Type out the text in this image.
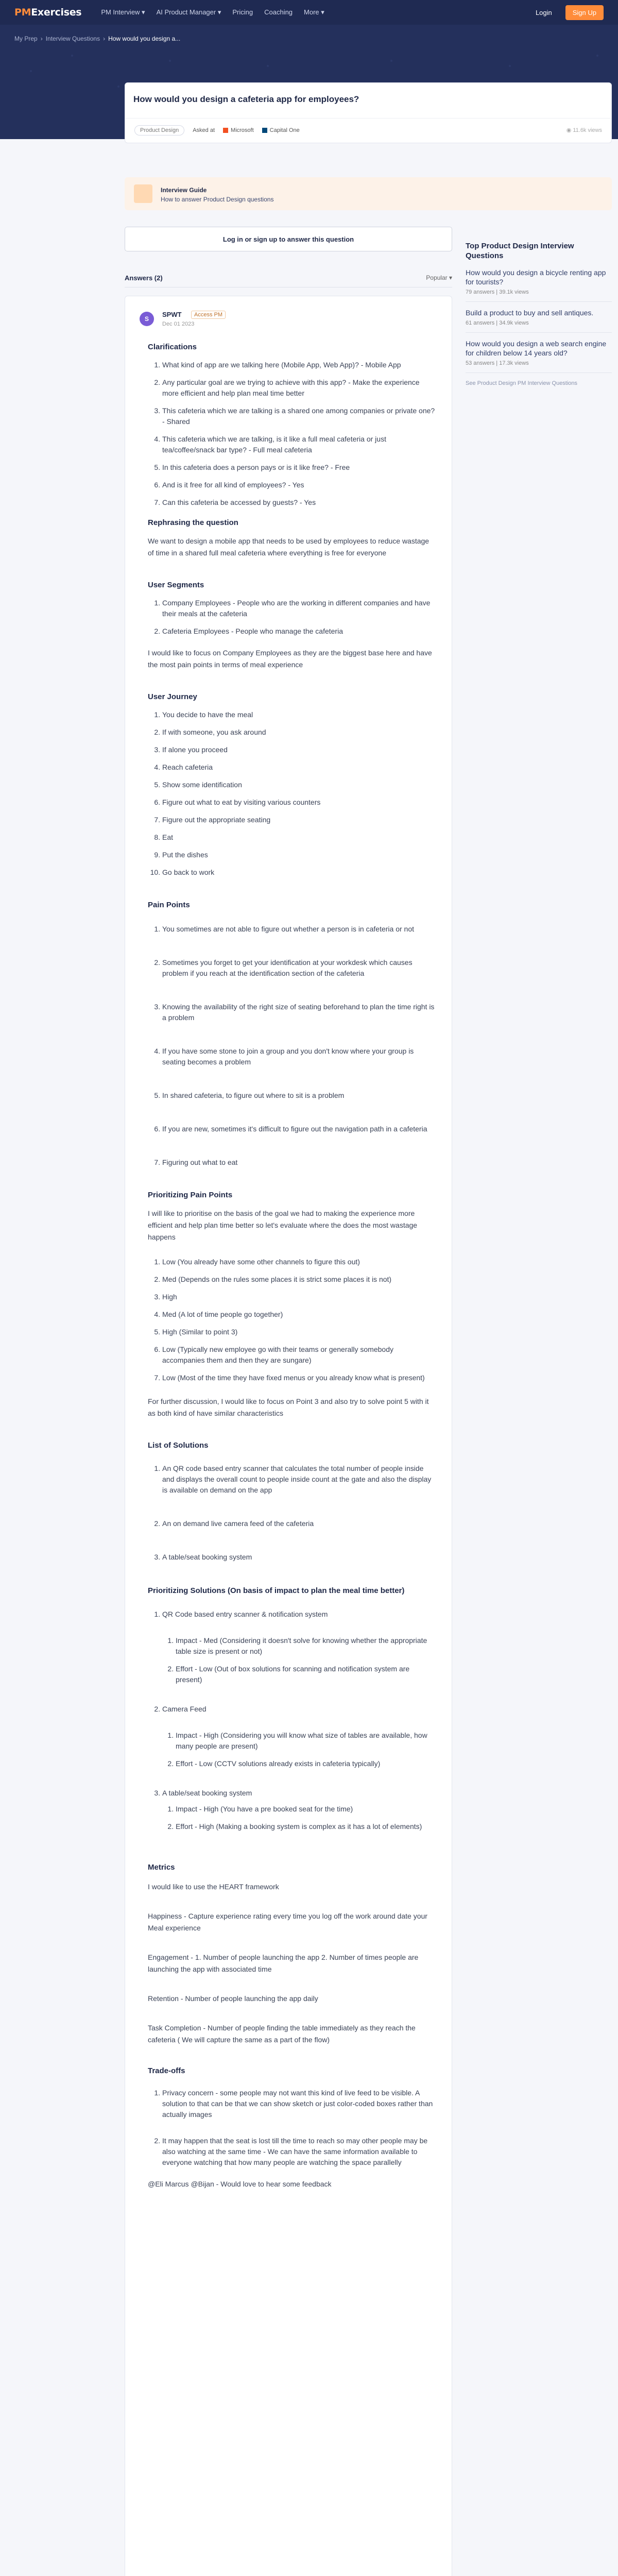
PMExercises	PM Interview ▾ AI Product Manager ▾ Pricing Coaching More ▾	Login	Sign Up
My Prep › Interview Questions › How would you design a...
How would you design a cafeteria app for employees?
Product Design	Asked at	Microsoft	Capital One	◉ 11.6k views
Interview Guide
How to answer Product Design questions
Log in or sign up to answer this question
Answers (2)	Popular ▾
Top Product Design Interview Questions
How would you design a bicycle renting app for tourists?
79 answers | 39.1k views
Build a product to buy and sell antiques.
61 answers | 34.9k views
How would you design a web search engine for children below 14 years old?
53 answers | 17.3k views
See Product Design PM Interview Questions
S
SPWT	Access PM
Dec 01 2023
Clarifications
1. What kind of app are we talking here (Mobile App, Web App)? - Mobile App
2. Any particular goal are we trying to achieve with this app? - Make the experience more efficient and help plan meal time better
3. This cafeteria which we are talking is a shared one among companies or private one? - Shared
4. This cafeteria which we are talking, is it like a full meal cafeteria or just tea/coffee/snack bar type? - Full meal cafeteria
5. In this cafeteria does a person pays or is it like free? - Free
6. And is it free for all kind of employees? - Yes
7. Can this cafeteria be accessed by guests? - Yes
Rephrasing the question
We want to design a mobile app that needs to be used by employees to reduce wastage of time in a shared full meal cafeteria where everything is free for everyone
User Segments
1. Company Employees - People who are the working in different companies and have their meals at the cafeteria
2. Cafeteria Employees - People who manage the cafeteria
I would like to focus on Company Employees as they are the biggest base here and have the most pain points in terms of meal experience
User Journey
1. You decide to have the meal
2. If with someone, you ask around
3. If alone you proceed
4. Reach cafeteria
5. Show some identification
6. Figure out what to eat by visiting various counters
7. Figure out the appropriate seating
8. Eat
9. Put the dishes
10. Go back to work
Pain Points
1. You sometimes are not able to figure out whether a person is in cafeteria or not
2. Sometimes you forget to get your identification at your workdesk which causes problem if you reach at the identification section of the cafeteria
3. Knowing the availability of the right size of seating beforehand to plan the time right is a problem
4. If you have some stone to join a group and you don't know where your group is seating becomes a problem
5. In shared cafeteria, to figure out where to sit is a problem
6. If you are new, sometimes it's difficult to figure out the navigation path in a cafeteria
7. Figuring out what to eat
Prioritizing Pain Points
I will like to prioritise on the basis of the goal we had to making the experience more efficient and help plan time better so let's evaluate where the does the most wastage happens
1. Low (You already have some other channels to figure this out)
2. Med (Depends on the rules some places it is strict some places it is not)
3. High
4. Med (A lot of time people go together)
5. High (Similar to point 3)
6. Low (Typically new employee go with their teams or generally somebody accompanies them and then they are sungare)
7. Low (Most of the time they have fixed menus or you already know what is present)
For further discussion, I would like to focus on Point 3 and also try to solve point 5 with it as both kind of have similar characteristics
List of Solutions
1. An QR code based entry scanner that calculates the total number of people inside and displays the overall count to people inside count at the gate and also the display is available on demand on the app
2. An on demand live camera feed of the cafeteria
3. A table/seat booking system
Prioritizing Solutions (On basis of impact to plan the meal time better)
1. QR Code based entry scanner & notification system
1. Impact - Med (Considering it doesn't solve for knowing whether the appropriate table size is present or not)
2. Effort - Low (Out of box solutions for scanning and notification system are present)
2. Camera Feed
1. Impact - High (Considering you will know what size of tables are available, how many people are present)
2. Effort - Low (CCTV solutions already exists in cafeteria typically)
3. A table/seat booking system
1. Impact - High (You have a pre booked seat for the time)
2. Effort - High (Making a booking system is complex as it has a lot of elements)
Metrics
I would like to use the HEART framework
Happiness - Capture experience rating every time you log off the work around date your Meal experience
Engagement - 1. Number of people launching the app 2. Number of times people are launching the app with associated time
Retention - Number of people launching the app daily
Task Completion - Number of people finding the table immediately as they reach the cafeteria ( We will capture the same as a part of the flow)
Trade-offs
1. Privacy concern - some people may not want this kind of live feed to be visible. A solution to that can be that we can show sketch or just color-coded boxes rather than actually images
2. It may happen that the seat is lost till the time to reach so may other people may be also watching at the same time - We can have the same information available to everyone watching that how many people are watching the space parallelly
@Eli Marcus @Bijan - Would love to hear some feedback
